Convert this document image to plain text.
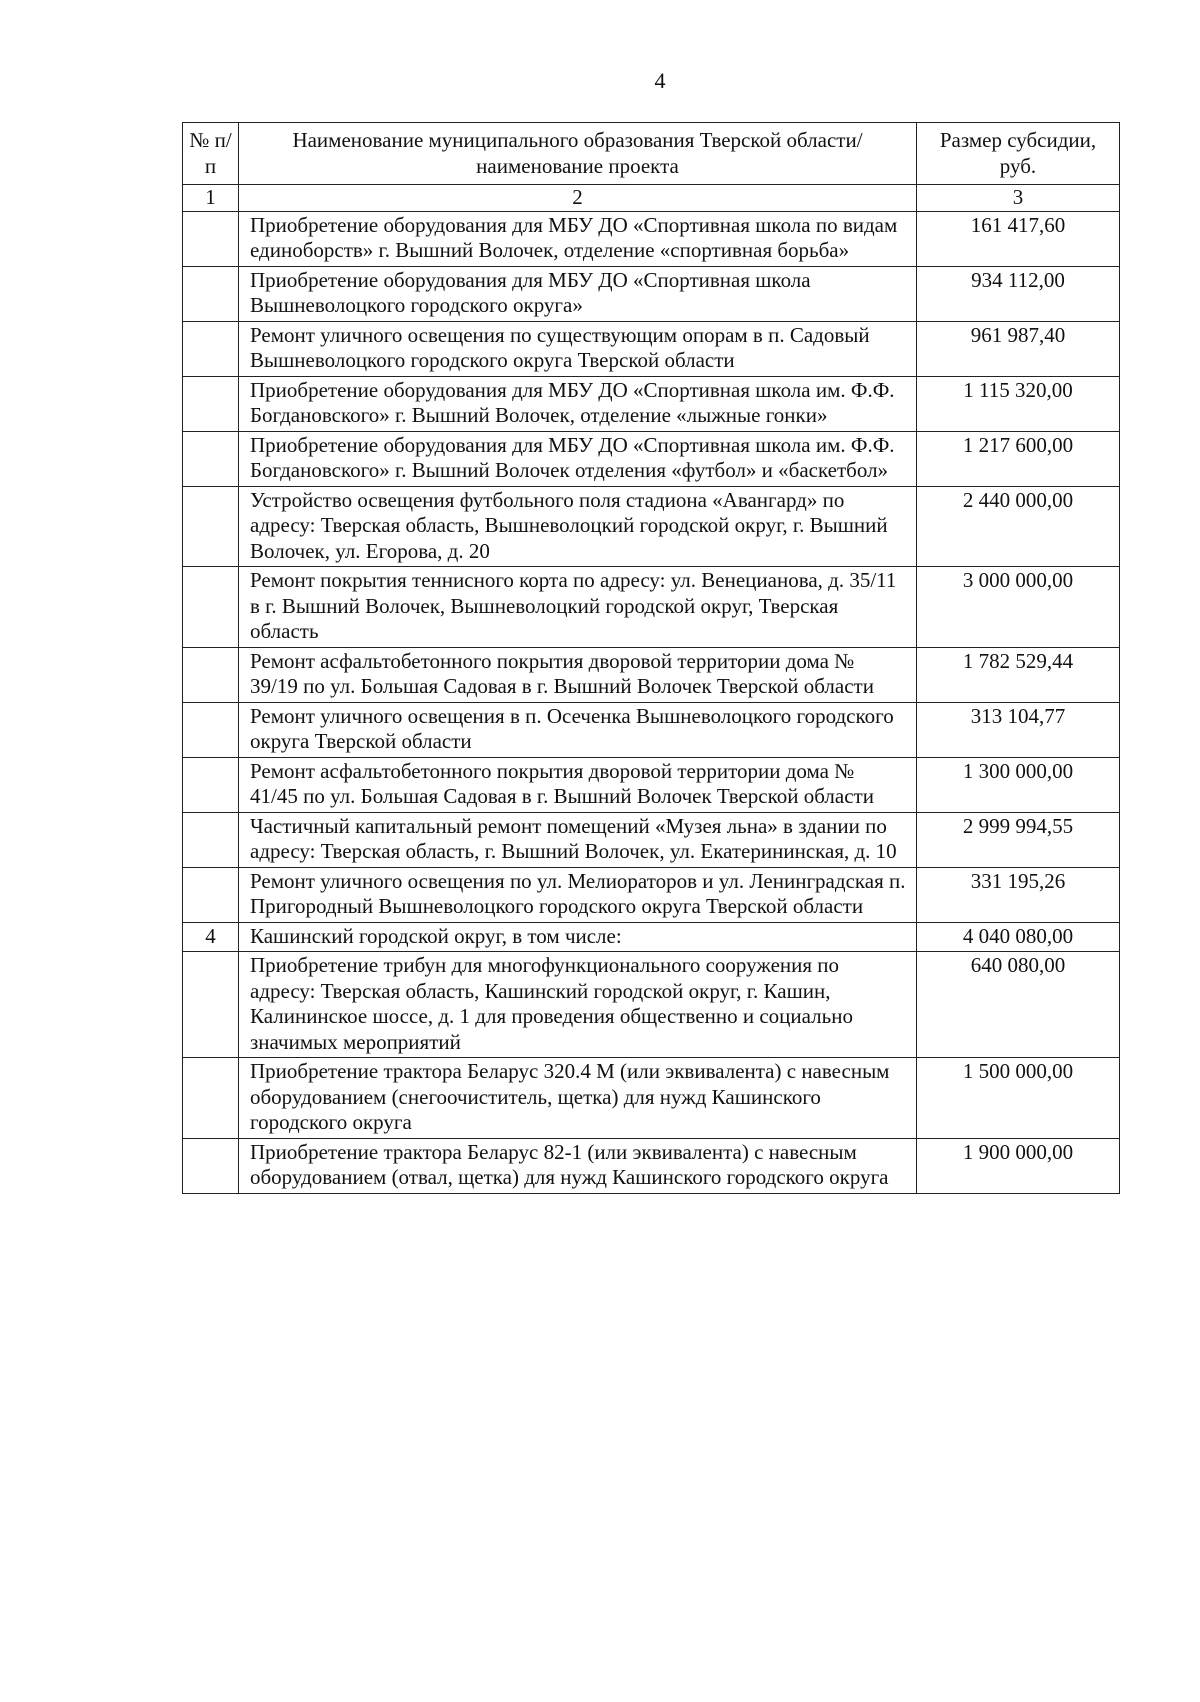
4
№ п/п	Наименование муниципального образования Тверской области/наименование проекта	Размер субсидии, руб.
1	2	3
	Приобретение оборудования для МБУ ДО «Спортивная школа по видам единоборств» г. Вышний Волочек, отделение «спортивная борьба»	161 417,60
	Приобретение оборудования для МБУ ДО «Спортивная школа Вышневолоцкого городского округа»	934 112,00
	Ремонт уличного освещения по существующим опорам в п. Садовый Вышневолоцкого городского округа Тверской области	961 987,40
	Приобретение оборудования для МБУ ДО «Спортивная школа им. Ф.Ф. Богдановского» г. Вышний Волочек, отделение «лыжные гонки»	1 115 320,00
	Приобретение оборудования для МБУ ДО «Спортивная школа им. Ф.Ф. Богдановского» г. Вышний Волочек отделения «футбол» и «баскетбол»	1 217 600,00
	Устройство освещения футбольного поля стадиона «Авангард» по адресу: Тверская область, Вышневолоцкий городской округ, г. Вышний Волочек, ул. Егорова, д. 20	2 440 000,00
	Ремонт покрытия теннисного корта по адресу: ул. Венецианова, д. 35/11 в г. Вышний Волочек, Вышневолоцкий городской округ, Тверская область	3 000 000,00
	Ремонт асфальтобетонного покрытия дворовой территории дома № 39/19 по ул. Большая Садовая в г. Вышний Волочек Тверской области	1 782 529,44
	Ремонт уличного освещения в п. Осеченка Вышневолоцкого городского округа Тверской области	313 104,77
	Ремонт асфальтобетонного покрытия дворовой территории дома № 41/45 по ул. Большая Садовая в г. Вышний Волочек Тверской области	1 300 000,00
	Частичный капитальный ремонт помещений «Музея льна» в здании по адресу: Тверская область, г. Вышний Волочек, ул. Екатерининская, д. 10	2 999 994,55
	Ремонт уличного освещения по ул. Мелиораторов и ул. Ленинградская п. Пригородный Вышневолоцкого городского округа Тверской области	331 195,26
4	Кашинский городской округ, в том числе:	4 040 080,00
	Приобретение трибун для многофункционального сооружения по адресу: Тверская область, Кашинский городской округ, г. Кашин, Калининское шоссе, д. 1 для проведения общественно и социально значимых мероприятий	640 080,00
	Приобретение трактора Беларус 320.4 М (или эквивалента) с навесным оборудованием (снегоочиститель, щетка) для нужд Кашинского городского округа	1 500 000,00
	Приобретение трактора Беларус 82-1 (или эквивалента) с навесным оборудованием (отвал, щетка) для нужд Кашинского городского округа	1 900 000,00
